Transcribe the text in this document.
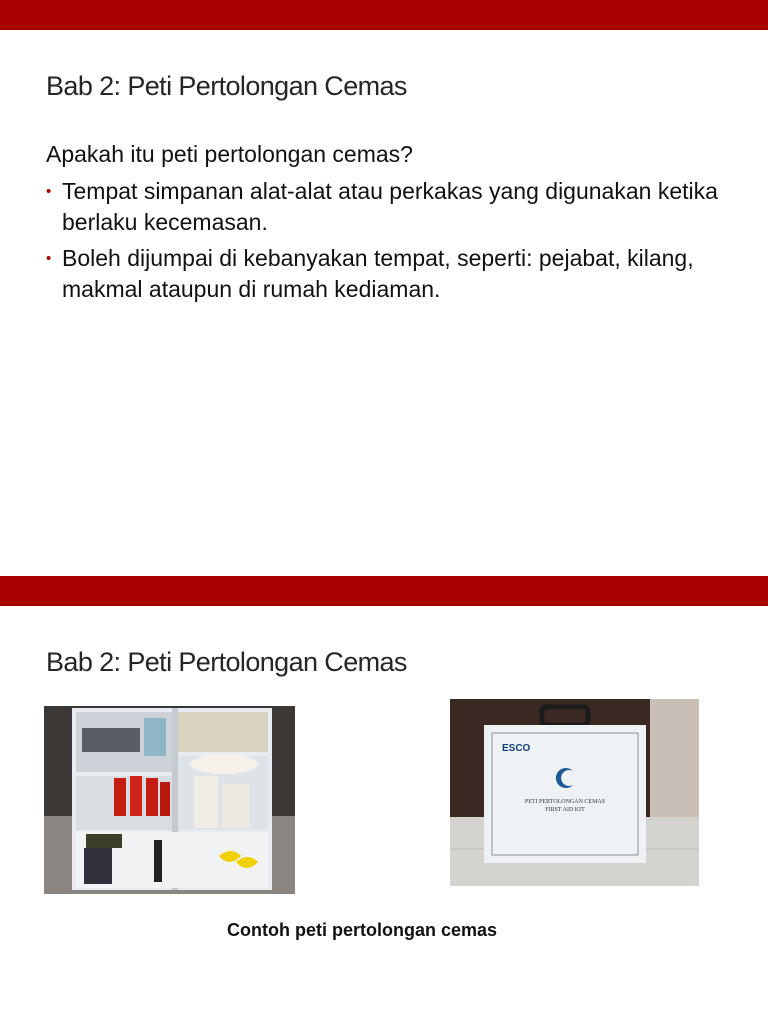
Bab 2: Peti Pertolongan Cemas
Apakah itu peti pertolongan cemas?
• Tempat simpanan alat-alat atau perkakas yang digunakan ketika berlaku kecemasan.
• Boleh dijumpai di kebanyakan tempat, seperti: pejabat, kilang, makmal ataupun di rumah kediaman.
Bab 2: Peti Pertolongan Cemas
ESCO
PETI PERTOLONGAN CEMAS
FIRST AID KIT
Contoh peti pertolongan cemas
